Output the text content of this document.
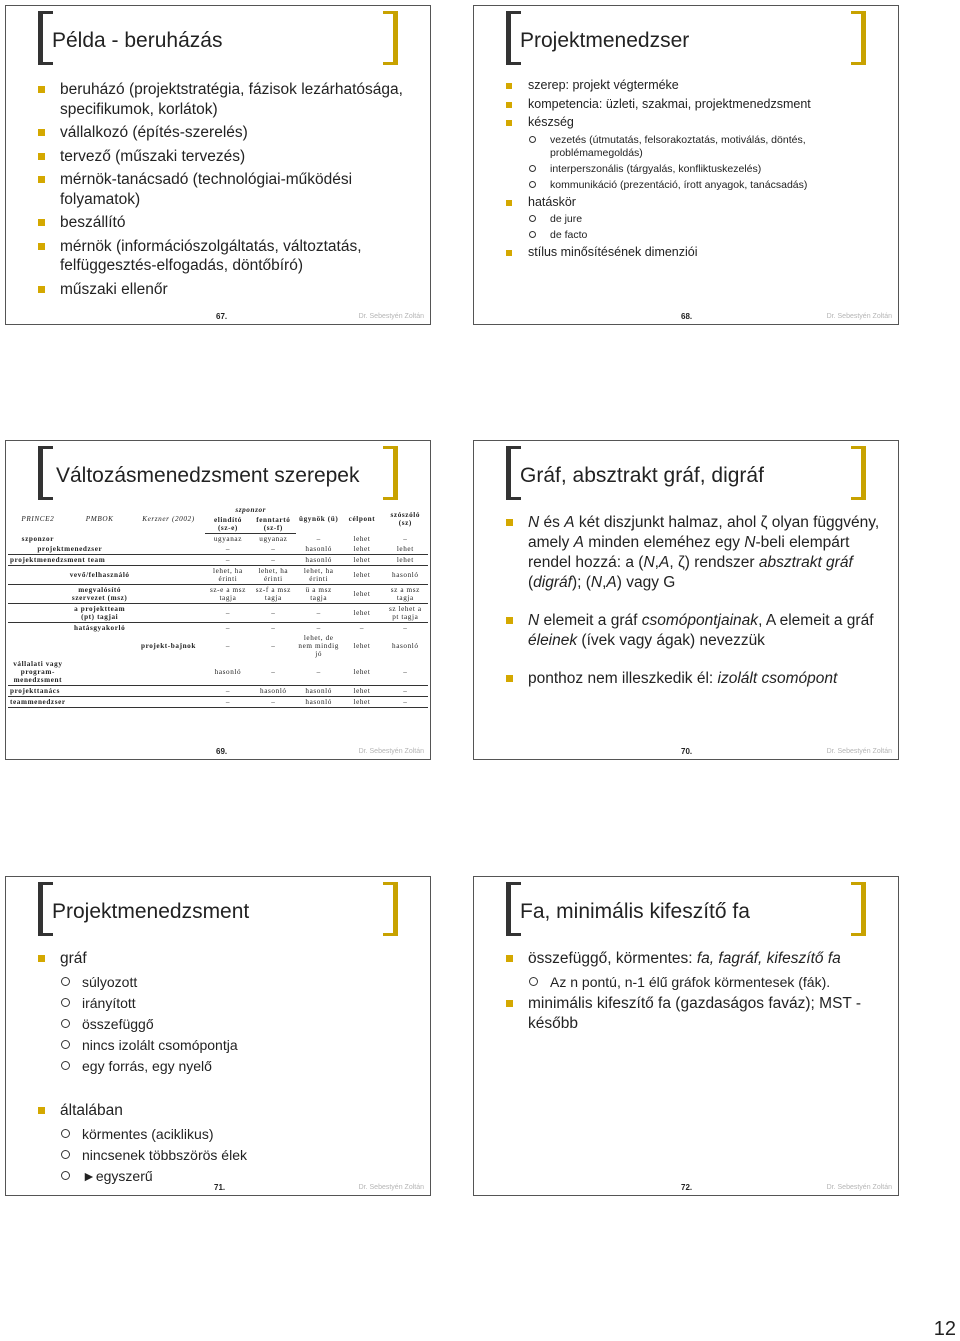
Példa - beruházás
beruházó (projektstratégia, fázisok lezárhatósága, specifikumok, korlátok)
vállalkozó (építés-szerelés)
tervező (műszaki tervezés)
mérnök-tanácsadó (technológiai-működési folyamatok)
beszállító
mérnök (információszolgáltatás, változtatás, felfüggesztés-elfogadás, döntőbíró)
műszaki ellenőr
67.	Dr. Sebestyén Zoltán
Projektmenedzser
szerep: projekt végterméke
kompetencia: üzleti, szakmai, projektmenedzsment
készség
vezetés (útmutatás, felsorakoztatás, motiválás, döntés, problémamegoldás)
interperszonális (tárgyalás, konfliktuskezelés)
kommunikáció (prezentáció, írott anyagok, tanácsadás)
hatáskör
de jure
de facto
stílus minősítésének dimenziói
68.	Dr. Sebestyén Zoltán
Változásmenedzsment szerepek
PRINCE2	PMBOK	Kerzner (2002)	szponzor		ügynök (ü)	célpont	szószóló (sz)
			elindító (sz-e)	fenntartó (sz-f)			
szponzor			ugyanaz	ugyanaz	–	lehet	–
projektmenedzser			–	–	hasonló	lehet	lehet
projektmenedzsment team			–	–	hasonló	lehet	lehet
	vevő/felhasználó		lehet, ha érinti	lehet, ha érinti	lehet, ha érinti	lehet	hasonló
	megvalósító szervezet (msz)		sz-e a msz tagja	sz-f a msz tagja	ü a msz tagja	lehet	sz a msz tagja
	a projektteam (pt) tagjai		–	–	–	lehet	sz lehet a pt tagja
	hatásgyakorló		–	–	–	–	–
		projekt-bajnok	–	–	lehet, de nem mindig jó	lehet	hasonló
vállalati vagy program-menedzsment			hasonló	–	–	lehet	–
projekttanács			–	hasonló	hasonló	lehet	–
teammenedzser			–	–	hasonló	lehet	–
69.	Dr. Sebestyén Zoltán
Gráf, absztrakt gráf, digráf
N és A két diszjunkt halmaz, ahol ζ olyan függvény, amely A minden eleméhez egy N-beli elempárt rendel hozzá: a (N,A, ζ) rendszer absztrakt gráf (digráf); (N,A) vagy G
N elemeit a gráf csomópontjainak, A elemeit a gráf éleinek (ívek vagy ágak) nevezzük
ponthoz nem illeszkedik él: izolált csomópont
70.	Dr. Sebestyén Zoltán
Projektmenedzsment
gráf
súlyozott
irányított
összefüggő
nincs izolált csomópontja
egy forrás, egy nyelő
általában
körmentes (aciklikus)
nincsenek többszörös élek
►egyszerű
71.	Dr. Sebestyén Zoltán
Fa, minimális kifeszítő fa
összefüggő, körmentes: fa, fagráf, kifeszítő fa
Az n pontú, n-1 élű gráfok körmentesek (fák).
minimális kifeszítő fa (gazdaságos faváz); MST - később
72.	Dr. Sebestyén Zoltán
12
